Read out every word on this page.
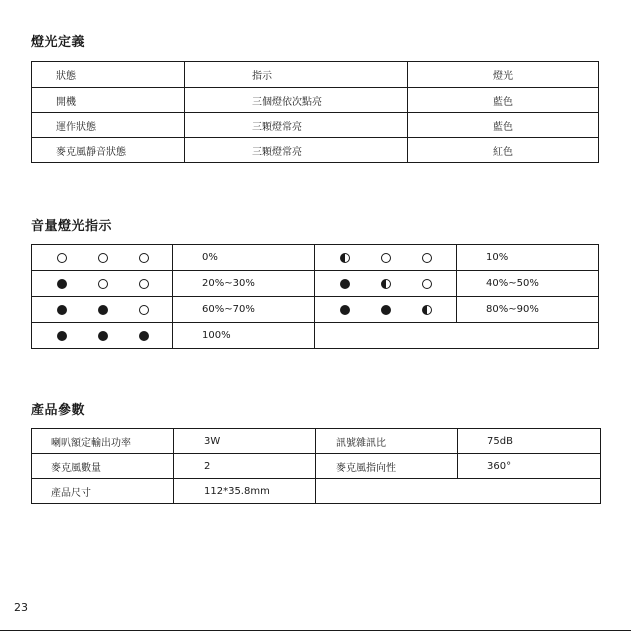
燈光定義
狀態	指示	燈光
開機	三個燈依次點亮	藍色
運作狀態	三顆燈常亮	藍色
麥克風靜音狀態	三顆燈常亮	紅色
音量燈光指示
	0%		10%

	20%~30%		40%~50%

	60%~70%		80%~90%

	100%		
產品參數
喇叭額定輸出功率	3W	訊號雜訊比	75dB
麥克風數量	2	麥克風指向性	360°
產品尺寸	112*35.8mm		
23
